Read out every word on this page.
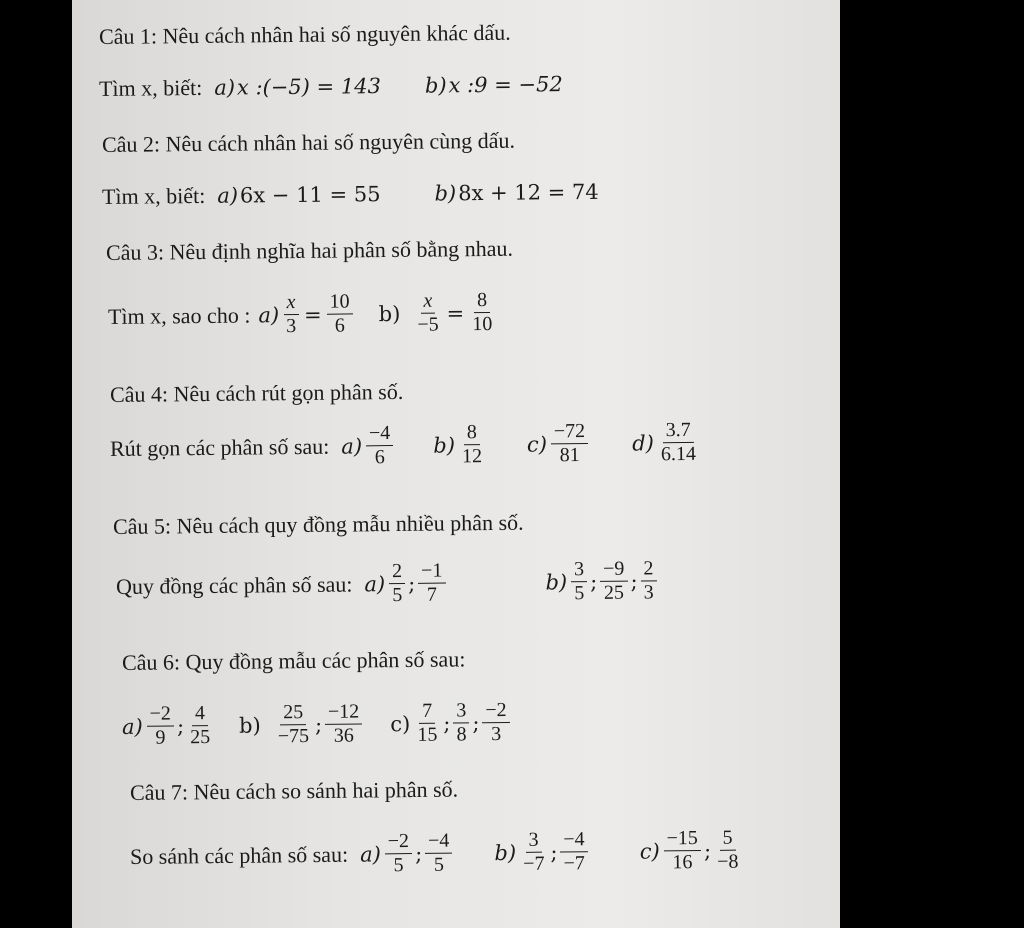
Câu 1: Nêu cách nhân hai số nguyên khác dấu.
Tìm x, biết: a) x :(−5) = 143 b) x :9 = −52
Câu 2: Nêu cách nhân hai số nguyên cùng dấu.
Tìm x, biết: a) 6x − 11 = 55	b) 8x + 12 = 74
Câu 3: Nêu định nghĩa hai phân số bằng nhau.
Tìm x, sao cho : $a) \frac{x}{3} = \frac{10}{6} b) \frac{x}{-5} = \frac{8}{10}$
Câu 4: Nêu cách rút gọn phân số.
Rút gọn các phân số sau: $a) \frac{-4}{6} b) \frac{8}{12} c) \frac{-72}{81} d) \frac{3.7}{6.14}$
Câu 5: Nêu cách quy đồng mẫu nhiều phân số.
Quy đồng các phân số sau: $a) \frac{2}{5}$ ; $\frac{-1}{7}$	$b) \frac{3}{5}$ ; $\frac{-9}{25}$ ; $\frac{2}{3}$
Câu 6: Quy đồng mẫu các phân số sau:
$a) \frac{-2}{9}$ ; $\frac{4}{25} b) \frac{25}{-75}$ ; $\frac{-12}{36} c) \frac{7}{15}$ ; $\frac{3}{8}$ ; $\frac{-2}{3}$
Câu 7: Nêu cách so sánh hai phân số.
So sánh các phân số sau: $a) \frac{-2}{5}$ ; $\frac{-4}{5} b) \frac{3}{-7}$ ; $\frac{-4}{-7} c) \frac{-15}{16}$ ; $\frac{5}{-8}$
